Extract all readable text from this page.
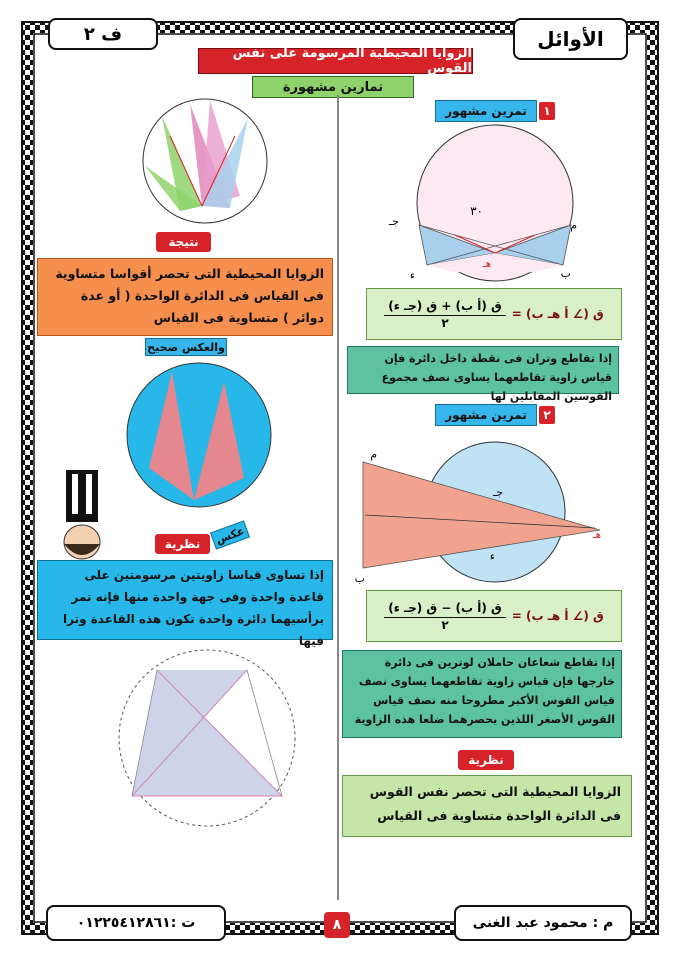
الأوائل
ف ٢
الزوايا المحيطية المرسومة على نفس القوس
تمارين مشهورة
١
تمرين مشهور
جـ	م
ء	ب
٣٠
هـ
ق (أ ب) + ق (جـ ء)
٢
ق (∠ أ هـ ب) =
إذا تقاطع وتران فى نقطة داخل دائرة فإن قياس زاوية تقاطعهما يساوى نصف مجموع القوسين المقابلين لها
٢
تمرين مشهور
م
جـ
ء
ب
هـ
ق (أ ب) − ق (جـ ء)
٢
ق (∠ أ هـ ب) =
إذا تقاطع شعاعان حاملان لوترين فى دائرة خارجها فإن قياس زاوية تقاطعهما يساوى نصف قياس القوس الأكبر مطروحا منه نصف قياس القوس الأصغر اللذين يحصرهما ضلعا هذه الزاوية
نظرية
الزوايا المحيطية التى تحصر نفس القوس فى الدائرة الواحدة متساوية فى القياس
نتيجة
الزوايا المحيطية التى تحصر أقواسا متساوية فى القياس فى الدائرة الواحدة ( أو عدة دوائر ) متساوية فى القياس
والعكس صحيح
عكس
نظرية
إذا تساوى قياسا زاويتين مرسومتين على قاعدة واحدة وفى جهة واحدة منها فإنه تمر برأسيهما دائرة واحدة تكون هذه القاعدة وترا فيها
ت :٠١٢٢٥٤١٢٨٦١	٨	م : محمود عبد الغنى
